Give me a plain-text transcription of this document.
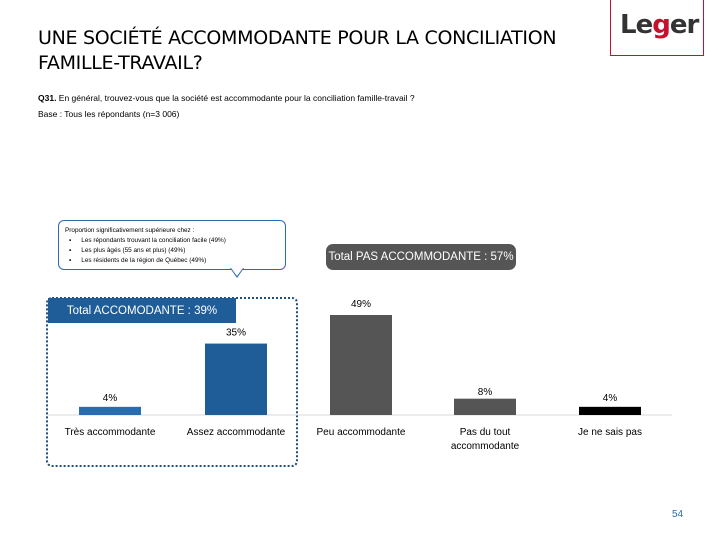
UNE SOCIÉTÉ ACCOMMODANTE POUR LA CONCILIATION
FAMILLE-TRAVAIL?
Leger
Q31. En général, trouvez-vous que la société est accommodante pour la conciliation famille-travail ?
Base : Tous les répondants (n=3 006)
Proportion significativement supérieure chez :
▪ Les répondants trouvant la conciliation facile (49%)
▪ Les plus âgés (55 ans et plus) (49%)
▪ Les résidents de la région de Québec (49%)
Total ACCOMODANTE : 39%
Total PAS ACCOMMODANTE : 57%
4%
Très accommodante
35%
Assez accommodante
49%
Peu accommodante
8%
Pas du tout accommodante
4%
Je ne sais pas
54
